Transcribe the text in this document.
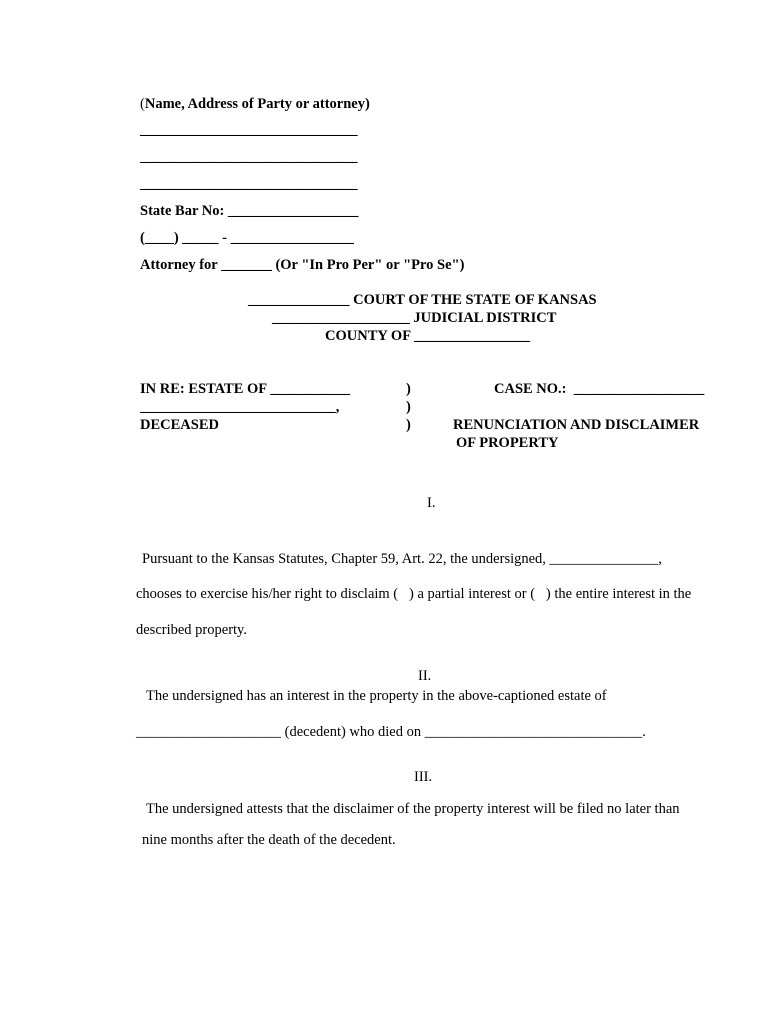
(Name, Address of Party or attorney)
______________________________
______________________________
______________________________
State Bar No: __________________
(____) _____ - _________________
Attorney for _______ (Or "In Pro Per" or "Pro Se")
______________ COURT OF THE STATE OF KANSAS
___________________ JUDICIAL DISTRICT
COUNTY OF ________________
IN RE: ESTATE OF ___________
___________________________,
DECEASED
)
)
)
CASE NO.:  __________________
RENUNCIATION AND DISCLAIMER
OF PROPERTY
I.
Pursuant to the Kansas Statutes, Chapter 59, Art. 22, the undersigned, _______________,
chooses to exercise his/her right to disclaim (   ) a partial interest or (   ) the entire interest in the
described property.
II.
The undersigned has an interest in the property in the above-captioned estate of
____________________ (decedent) who died on ______________________________.
III.
The undersigned attests that the disclaimer of the property interest will be filed no later than
nine months after the death of the decedent.
